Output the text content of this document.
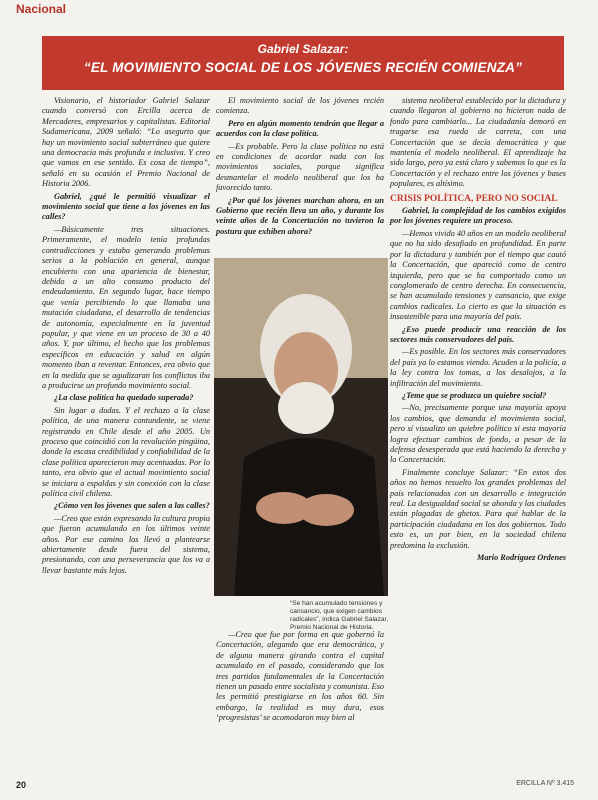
Nacional
Gabriel Salazar:
“EL MOVIMIENTO SOCIAL DE LOS JÓVENES RECIÉN COMIENZA”

Visionario, el historiador Gabriel Salazar cuando conversó con Ercilla acerca de Mercaderes, empresarios y capitalistas. Editorial Sudamericana, 2009 señaló: “Lo asegurto que hay un movimiento social subterráneo que quiere una democracia más profunda e inclusiva. Y creo que vamos en ese sentido. Es cosa de tiempo”, señaló en su ocasión el Premio Nacional de Historia 2006.

Gabriel, ¿qué le permitió visualizar el movimiento social que tiene a los jóvenes en las calles?

—Básicamente tres situaciones. Primeramente, el modelo tenía profundas contradicciones y estaba generando problemas serios a la población en general, aunque encubierto con una apariencia de bienestar, debido a un alto consumo producto del endeudamiento. En segundo lugar, hace tiempo que venía percibiendo lo que llamaba una mutación ciudadana, el desarrollo de tendencias de autonomía, especialmente en la juventud popular, y que viene en un proceso de 30 a 40 años. Y, por último, el hecho que los problemas específicos en educación y salud en algún momento iban a reventar. Entonces, era obvio que en la medida que se agudizaran los conflictos iba a producirse un profundo movimiento social.

¿La clase política ha quedado superada?

Sin lugar a dudas. Y el rechazo a la clase política, de una manera contundente, se viene registrando en Chile desde el año 2005. Un proceso que coincidió con la revolución pingüina, donde la escasa credibilidad y confiabilidad de la clase política aparecieron muy acentuadas. Por lo tanto, era obvio que el actual movimiento social se iniciara a espaldas y sin conexión con la clase política civil chilena.

¿Cómo ven los jóvenes que salen a las calles?

—Creo que están expresando la cultura propia que fueron acumulando en los últimos veinte años. Por ese camino los llevó a plantearse abiertamente desde fuera del sistema, presionando, con una perseverancia que los va a llevar bastante más lejos.

El movimiento social de los jóvenes recién comienza.

Pero en algún momento tendrán que llegar a acuerdos con la clase política.

—Es probable. Pero la clase política no está en condiciones de acordar nada con los movimientos sociales, porque significa desmantelar el modelo neoliberal que los ha favorecido tanto.

¿Por qué los jóvenes marchan ahora, en un Gobierno que recién lleva un año, y durante los veinte años de la Concertación no tuvieron la postura que exhiben ahora?

“Se han acumulado tensiones y cansancio, que exigen cambios radicales”, indica Gabriel Salazar, Premio Nacional de Historia.

—Creo que fue por forma en que gobernó la Concertación, alegando que era democrática, y de alguna manera girando contra el capital acumulado en el pasado, considerando que los tres partidos fundamentales de la Concertación tienen un pasado entre socialista y comunista. Eso les permitió prestigiarse en los años 60. Sin embargo, la realidad es muy dura, esos ‘progresistas’ se acomodaron muy bien al

sistema neoliberal establecido por la dictadura y cuando llegaron al gobierno no hicieron nada de fondo para cambiarlo... La ciudadanía demoró en tragarse esa rueda de carreta, con una Concertación que se decía democrática y que mantenía el modelo neoliberal. El aprendizaje ha sido largo, pero ya está claro y sabemos lo que es la Concertación y el rechazo entre los jóvenes y bases populares, es altísimo.

CRISIS POLÍTICA, PERO NO SOCIAL

Gabriel, la complejidad de los cambios exigidos por los jóvenes requiere un proceso.

—Hemos vivido 40 años en un modelo neoliberal que no ha sido desafiado en profundidad. En parte por la dictadura y también por el tiempo que cautó la Concertación, que apareció como de centro izquierda, pero que se ha comportado como un conglomerado de centro derecha. En consecuencia, se han acumulado tensiones y cansancio, que exige cambios radicales. Lo cierto es que la situación es insostenible para una mayoría del país.

¿Eso puede producir una reacción de los sectores más conservadores del país.

—Es posible. En los sectores más conservadores del país ya lo estamos viendo. Acuden a la policía, a la ley contra los tomas, a los desalojos, a la infiltración del movimiento.

¿Teme que se produzca un quiebre social?

—No, precisamente porque una mayoría apoya los cambios, que demanda el movimiento social, pero sí visualizo un quiebre político si esta mayoría logra efectuar cambios de fondo, a pesar de la defensa desesperada que está haciendo la derecha y la Concertación.

Finalmente concluye Salazar: “En estos dos años no hemos resuelto los grandes problemas del país relacionados con un desarrollo e integración real. La desigualdad social se ahonda y las ciudades están plagadas de ghetos. Para qué hablar de la participación ciudadana en los dos gobiernos. Todo esto es, un por bien, en la sociedad chilena predomina la exclusión.

Mario Rodríguez Ordenes

20	ERCILLA Nº 3.415
